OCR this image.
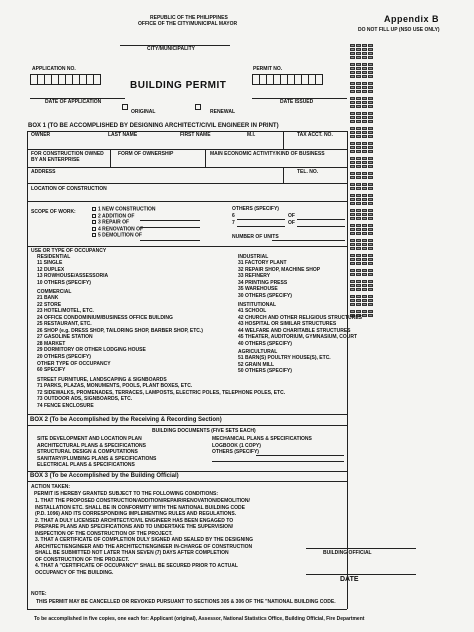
REPUBLIC OF THE PHILIPPINES
OFFICE OF THE CITY/MUNICIPAL MAYOR
CITY/MUNICIPALITY
Appendix B
DO NOT FILL UP (NSO USE ONLY)
APPLICATION NO.	PERMIT NO.
BUILDING PERMIT
DATE OF APPLICATION	DATE ISSUED
ORIGINAL	RENEWAL
BOX 1 (TO BE ACCOMPLISHED BY DESIGNING ARCHITECT/CIVIL ENGINEER IN PRINT)
OWNER	LAST NAME	FIRST NAME	M.I.	TAX ACCT. NO.
FOR CONSTRUCTION OWNED BY AN ENTERPRISE
FORM OF OWNERSHIP	MAIN ECONOMIC ACTIVITY/KIND OF BUSINESS
ADDRESS	TEL. NO.
LOCATION OF CONSTRUCTION
SCOPE OF WORK:	1 NEW CONSTRUCTION
2 ADDITION OF
3 REPAIR OF
4 RENOVATION OF
5 DEMOLITION OF
OTHERS (SPECIFY)
6	OF
7	OF
NUMBER OF UNITS
USE OR TYPE OF OCCUPANCY
RESIDENTIAL
11 SINGLE
12 DUPLEX
13 ROWHOUSE/ASSESSORIA
10 OTHERS (SPECIFY)
COMMERCIAL
21 BANK
22 STORE
23 HOTEL/MOTEL, ETC.
24 OFFICE CONDOMINIUM/BUSINESS OFFICE BUILDING
25 RESTAURANT, ETC.
26 SHOP (e.g. DRESS SHOP, TAILORING SHOP, BARBER SHOP, ETC.)
27 GASOLINE STATION
28 MARKET
29 DORMITORY OR OTHER LODGING HOUSE
20 OTHERS (SPECIFY)
OTHER TYPE OF OCCUPANCY
60 SPECIFY
STREET FURNITURE, LANDSCAPING & SIGNBOARDS
71 PARKS, PLAZAS, MONUMENTS, POOLS, PLANT BOXES, ETC.
72 SIDEWALKS, PROMENADES, TERRACES, LAMPOSTS, ELECTRIC POLES, TELEPHONE POLES, ETC.
73 OUTDOOR ADS, SIGNBOARDS, ETC.
74 FENCE ENCLOSURE
INDUSTRIAL
31 FACTORY PLANT
32 REPAIR SHOP, MACHINE SHOP
33 REFINERY
34 PRINTING PRESS
35 WAREHOUSE
30 OTHERS (SPECIFY)
INSTITUTIONAL
41 SCHOOL
42 CHURCH AND OTHER RELIGIOUS STRUCTURES
43 HOSPITAL OR SIMILAR STRUCTURES
44 WELFARE AND CHARITABLE STRUCTURES
45 THEATER, AUDITORIUM, GYMNASIUM, COURT
40 OTHERS (SPECIFY)
AGRICULTURAL
51 BARN(S) POULTRY HOUSE(S), ETC.
52 GRAIN MILL
50 OTHERS (SPECIFY)
BOX 2 (To be Accomplished by the Receiving & Recording Section)
BUILDING DOCUMENTS (FIVE SETS EACH)
SITE DEVELOPMENT AND LOCATION PLAN
ARCHITECTURAL PLANS & SPECIFICATIONS
STRUCTURAL DESIGN & COMPUTATIONS
SANITARY/PLUMBING PLANS & SPECIFICATIONS
ELECTRICAL PLANS & SPECIFICATIONS
MECHANICAL PLANS & SPECIFICATIONS
LOGBOOK (1 COPY)
OTHERS (SPECIFY)
BOX 3 (To be Accomplished by the Building Official)
ACTION TAKEN:
PERMIT IS HEREBY GRANTED SUBJECT TO THE FOLLOWING CONDITIONS:
1. THAT THE PROPOSED CONSTRUCTION/ADDITION/REPAIR/RENOVATION/DEMOLITION/
INSTALLATION ETC. SHALL BE IN CONFORMITY WITH THE NATIONAL BUILDING CODE
(P.D. 1096) AND ITS CORRESPONDING IMPLEMENTING RULES AND REGULATIONS.
2. THAT A DULY LICENSED ARCHITECT/CIVIL ENGINEER HAS BEEN ENGAGED TO
PREPARE PLANS AND SPECIFICATIONS AND TO UNDERTAKE THE SUPERVISION/
INSPECTION OF THE CONSTRUCTION OF THE PROJECT.
3. THAT A CERTIFICATE OF COMPLETION DULY SIGNED AND SEALED BY THE DESIGNING
ARCHITECT/ENGINEER AND THE ARCHITECT/ENGINEER IN-CHARGE OF CONSTRUCTION
SHALL BE SUBMITTED NOT LATER THAN SEVEN (7) DAYS AFTER COMPLETION
OF CONSTRUCTION OF THE PROJECT.
4. THAT A "CERTIFICATE OF OCCUPANCY" SHALL BE SECURED PRIOR TO ACTUAL
OCCUPANCY OF THE BUILDING.
BUILDING OFFICIAL
DATE
NOTE:
THIS PERMIT MAY BE CANCELLED OR REVOKED PURSUANT TO SECTIONS 305 & 306 OF THE "NATIONAL BUILDING CODE.
To be accomplished in five copies, one each for: Applicant (original), Assessor, National Statistics Office, Building Official, Fire Department
